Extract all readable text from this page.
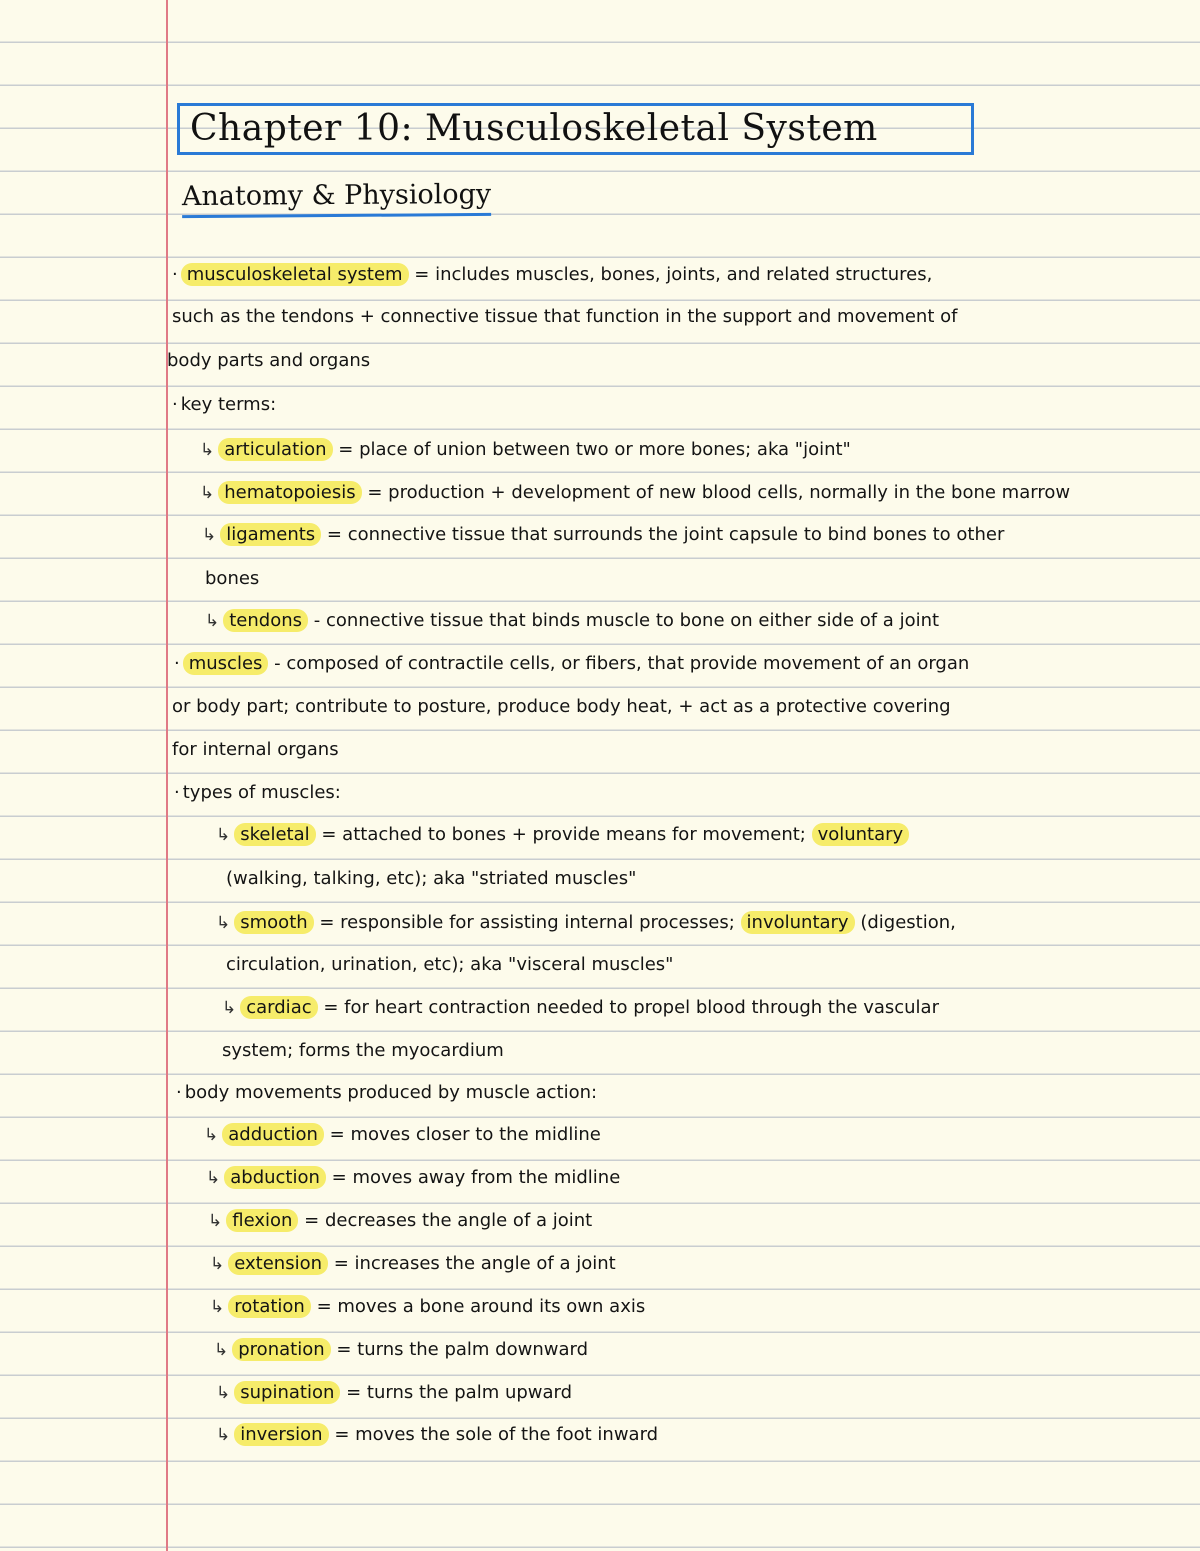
Chapter 10: Musculoskeletal System
Anatomy & Physiology
· musculoskeletal system = includes muscles, bones, joints, and related structures,
such as the tendons + connective tissue that function in the support and movement of
body parts and organs
· key terms:
↳ articulation = place of union between two or more bones; aka "joint"
↳ hematopoiesis = production + development of new blood cells, normally in the bone marrow
↳ ligaments = connective tissue that surrounds the joint capsule to bind bones to other
bones
↳ tendons - connective tissue that binds muscle to bone on either side of a joint
· muscles - composed of contractile cells, or fibers, that provide movement of an organ
or body part; contribute to posture, produce body heat, + act as a protective covering
for internal organs
· types of muscles:
↳ skeletal = attached to bones + provide means for movement; voluntary
(walking, talking, etc); aka "striated muscles"
↳ smooth = responsible for assisting internal processes; involuntary (digestion,
circulation, urination, etc); aka "visceral muscles"
↳ cardiac = for heart contraction needed to propel blood through the vascular
system; forms the myocardium
· body movements produced by muscle action:
↳ adduction = moves closer to the midline
↳ abduction = moves away from the midline
↳ flexion = decreases the angle of a joint
↳ extension = increases the angle of a joint
↳ rotation = moves a bone around its own axis
↳ pronation = turns the palm downward
↳ supination = turns the palm upward
↳ inversion = moves the sole of the foot inward
